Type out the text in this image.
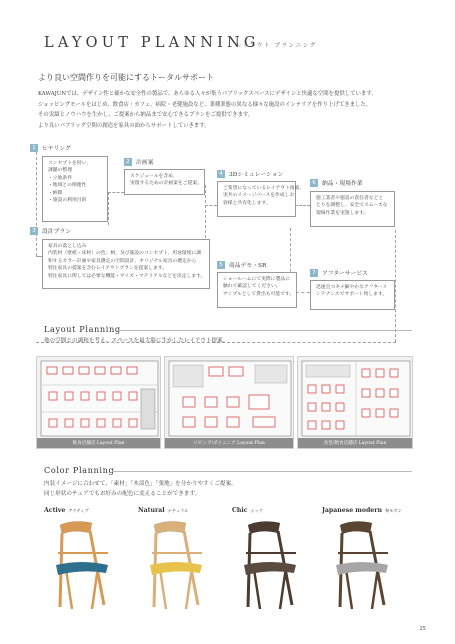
LAYOUT PLANNING
レイアウト プランニング
より良い空間作りを可能にするトータルサポート
KAWAJUNでは、デザイン性と確かな安全性の製品で、あらゆる人々が集うパブリックスペースにデザインと快適な空間を提供しています。
ショッピングモールをはじめ、飲食店・カフェ、病院・老健施設など、業種業態の異なる様々な施設のインテリアを作り上げてきました。
その実績とノウハウを生かし、ご提案から納品まで安心できるプランをご提供できます。
より良いパブリック空間の創造を家具の面からサポートしていきます。
1	ヒヤリング
コンセプトを伺い、
課題の整理
・立地条件
・地域との関連性
・納期
・施設の利用目的
2	計画案
スケジュールを含め、
実現するための計画案をご提案。
3	設計プラン
家具の落とし込み
内装材（壁紙・床材）の色、柄、及び施設のコンセプト、用途環境に調
和するカラー計画や家具選定の空間設計、オリジナル家具の選定から
特注家具の提案を含むレイアウトプランを提案します。
特注家具に関しては必要な機能・サイズ・マテリアルなどを決定します。
4	3Dシミュレーション
ご希望になっているレイアウト図面、
実共のイメージパースを作成しお
客様と共有化します。
5	商品デモ・SR
ショールームにて実際に製品に
触れて確認してください。
サンプルとして貸出も可能です。
6	納品・現場作業
施工業者や施設の責任者などと
とりを調整し、安全でスムーズな
現場作業を実施します。
7	アフターサービス
迅速且つキメ細やかなアフターメ
ンテナンスでサポート致します。
Layout Planning
他の空間との調和を考え、スペースを最大限に生かしたレイアウト提案。
飲食店舗店 Layout Plan	リビング/ダイニング Layout Plan	食堂/飲食店舗店 Layout Plan
Color Planning
内装イメージに合わせて、「素材」「木部色」「張地」を分かりやすくご提案。
同じ形状のチェアでもお好みの配色に変えることができます。
Active アクティブ	Natural ナチュラル	Chic シック	Japanese modern 和モダン
25
